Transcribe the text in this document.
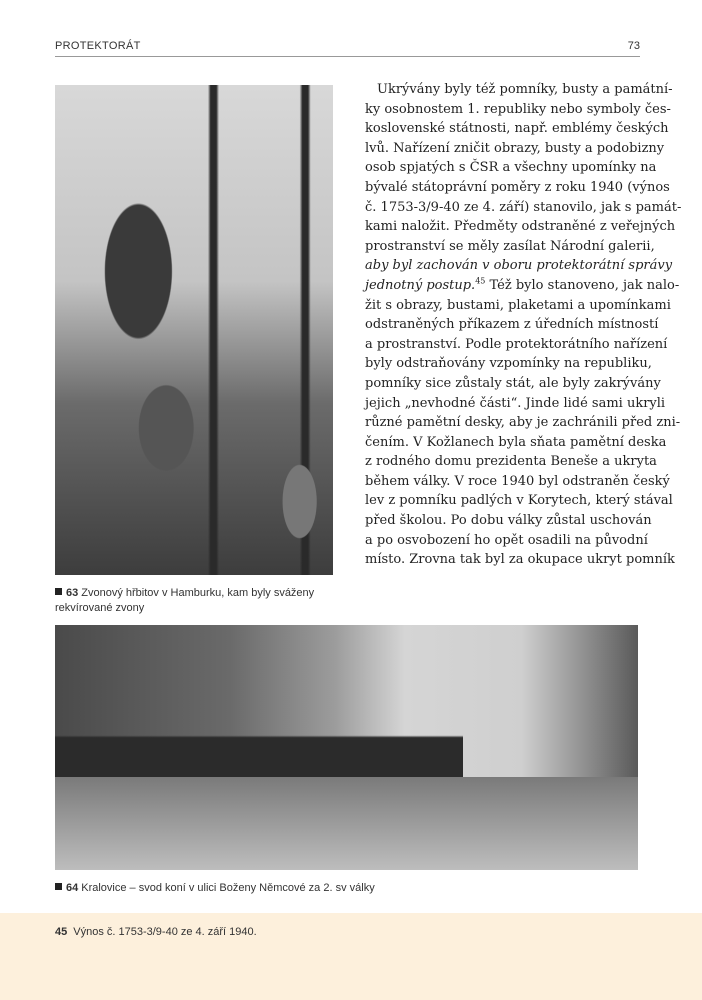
PROTEKTORÁT	73
63 Zvonový hřbitov v Hamburku, kam byly sváženy rekvírované zvony
Ukrývány byly též pomníky, busty a památní-
ky osobnostem 1. republiky nebo symboly čes-
koslovenské státnosti, např. emblémy českých
lvů. Nařízení zničit obrazy, busty a podobizny
osob spjatých s ČSR a všechny upomínky na
bývalé státoprávní poměry z roku 1940 (výnos
č. 1753-3/9-40 ze 4. září) stanovilo, jak s památ-
kami naložit. Předměty odstraněné z veřejných
prostranství se měly zasílat Národní galerii,
aby byl zachován v oboru protektorátní správy
jednotný postup.$^{45}$ Též bylo stanoveno, jak nalo-
žit s obrazy, bustami, plaketami a upomínkami
odstraněných příkazem z úředních místností
a prostranství. Podle protektorátního nařízení
byly odstraňovány vzpomínky na republiku,
pomníky sice zůstaly stát, ale byly zakrývány
jejich „nevhodné části“. Jinde lidé sami ukryli
různé pamětní desky, aby je zachránili před zni-
čením. V Kožlanech byla sňata pamětní deska
z rodného domu prezidenta Beneše a ukryta
během války. V roce 1940 byl odstraněn český
lev z pomníku padlých v Korytech, který stával
před školou. Po dobu války zůstal uschován
a po osvobození ho opět osadili na původní
místo. Zrovna tak byl za okupace ukryt pomník
64 Kralovice – svod koní v ulici Boženy Němcové za 2. sv války
45 Výnos č. 1753-3/9-40 ze 4. září 1940.
